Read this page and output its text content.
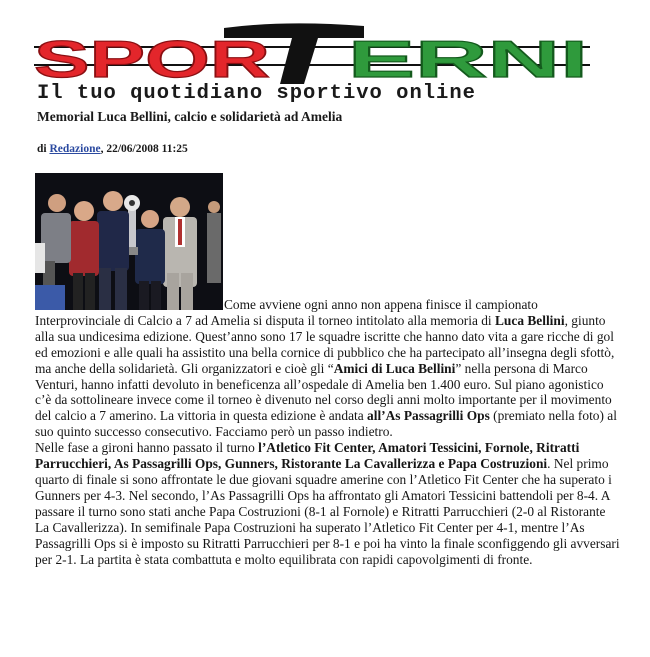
SPOR ERNI
Il tuo quotidiano sportivo online
Memorial Luca Bellini, calcio e solidarietà ad Amelia
di Redazione, 22/06/2008 11:25

Come avviene ogni anno non appena finisce il campionato
Interprovinciale di Calcio a 7 ad Amelia si disputa il torneo intitolato alla memoria di Luca Bellini, giunto alla sua undicesima edizione. Quest’anno sono 17 le squadre iscritte che hanno dato vita a gare ricche di gol ed emozioni e alle quali ha assistito una bella cornice di pubblico che ha partecipato all’insegna degli sfottò, ma anche della solidarietà. Gli organizzatori e cioè gli “Amici di Luca Bellini” nella persona di Marco Venturi, hanno infatti devoluto in beneficenza all’ospedale di Amelia ben 1.400 euro. Sul piano agonistico c’è da sottolineare invece come il torneo è divenuto nel corso degli anni molto importante per il movimento del calcio a 7 amerino. La vittoria in questa edizione è andata all’As Passagrilli Ops (premiato nella foto) al suo quinto successo consecutivo. Facciamo però un passo indietro.

Nelle fase a gironi hanno passato il turno l’Atletico Fit Center, Amatori Tessicini, Fornole, Ritratti Parrucchieri, As Passagrilli Ops, Gunners, Ristorante La Cavallerizza e Papa Costruzioni. Nel primo quarto di finale si sono affrontate le due giovani squadre amerine con l’Atletico Fit Center che ha superato i Gunners per 4-3. Nel secondo, l’As Passagrilli Ops ha affrontato gli Amatori Tessicini battendoli per 8-4. A passare il turno sono stati anche Papa Costruzioni (8-1 al Fornole) e Ritratti Parrucchieri (2-0 al Ristorante La Cavallerizza). In semifinale Papa Costruzioni ha superato l’Atletico Fit Center per 4-1, mentre l’As Passagrilli Ops si è imposto su Ritratti Parrucchieri per 8-1 e poi ha vinto la finale sconfiggendo gli avversari per 2-1. La partita è stata combattuta e molto equilibrata con rapidi capovolgimenti di fronte.
